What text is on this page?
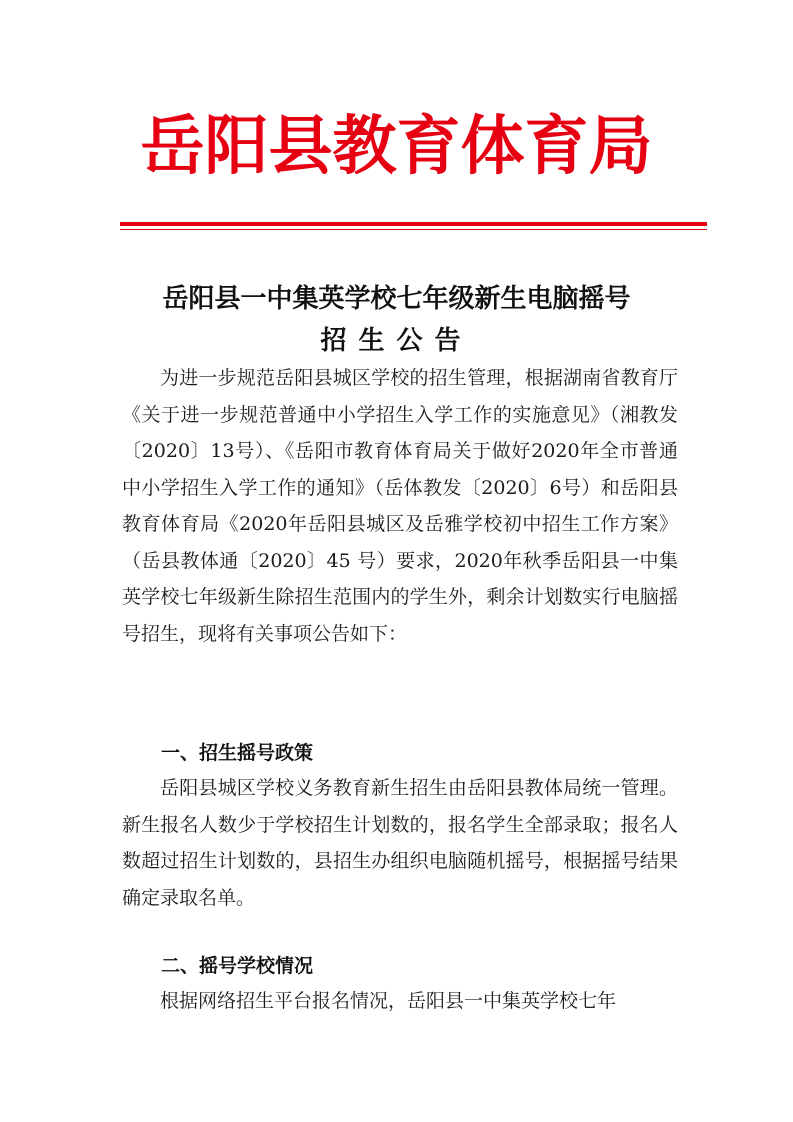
岳阳县教育体育局
岳阳县一中集英学校七年级新生电脑摇号
招生公告
为进一步规范岳阳县城区学校的招生管理，根据湖南省教育厅《关于进一步规范普通中小学招生入学工作的实施意见》（湘教发〔2020〕13号）、《岳阳市教育体育局关于做好2020年全市普通中小学招生入学工作的通知》（岳体教发〔2020〕6号）和岳阳县教育体育局《2020年岳阳县城区及岳雅学校初中招生工作方案》（岳县教体通〔2020〕45 号）要求，2020年秋季岳阳县一中集英学校七年级新生除招生范围内的学生外，剩余计划数实行电脑摇号招生，现将有关事项公告如下：
一、招生摇号政策
岳阳县城区学校义务教育新生招生由岳阳县教体局统一管理。新生报名人数少于学校招生计划数的，报名学生全部录取；报名人数超过招生计划数的，县招生办组织电脑随机摇号，根据摇号结果确定录取名单。
二、摇号学校情况
根据网络招生平台报名情况，岳阳县一中集英学校七年
